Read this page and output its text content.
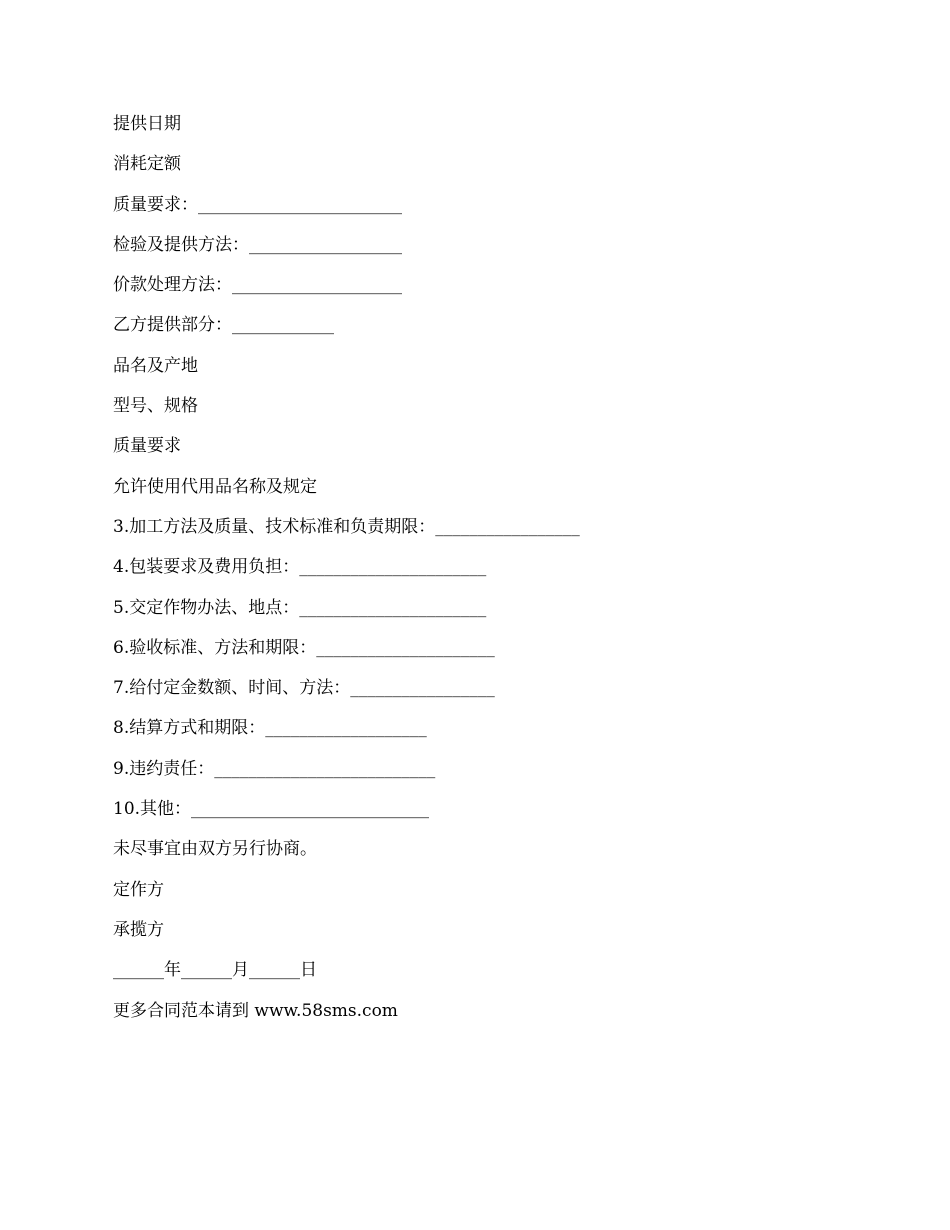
提供日期
消耗定额
质量要求：________________________
检验及提供方法：__________________
价款处理方法：____________________
乙方提供部分：____________
品名及产地
型号、规格
质量要求
允许使用代用品名称及规定
3.加工方法及质量、技术标准和负责期限：_________________
4.包装要求及费用负担：______________________
5.交定作物办法、地点：______________________
6.验收标准、方法和期限：_____________________
7.给付定金数额、时间、方法：_________________
8.结算方式和期限：___________________
9.违约责任：__________________________
10.其他：____________________________
未尽事宜由双方另行协商。
定作方
承揽方
______年______月______日
更多合同范本请到 www.58sms.com
